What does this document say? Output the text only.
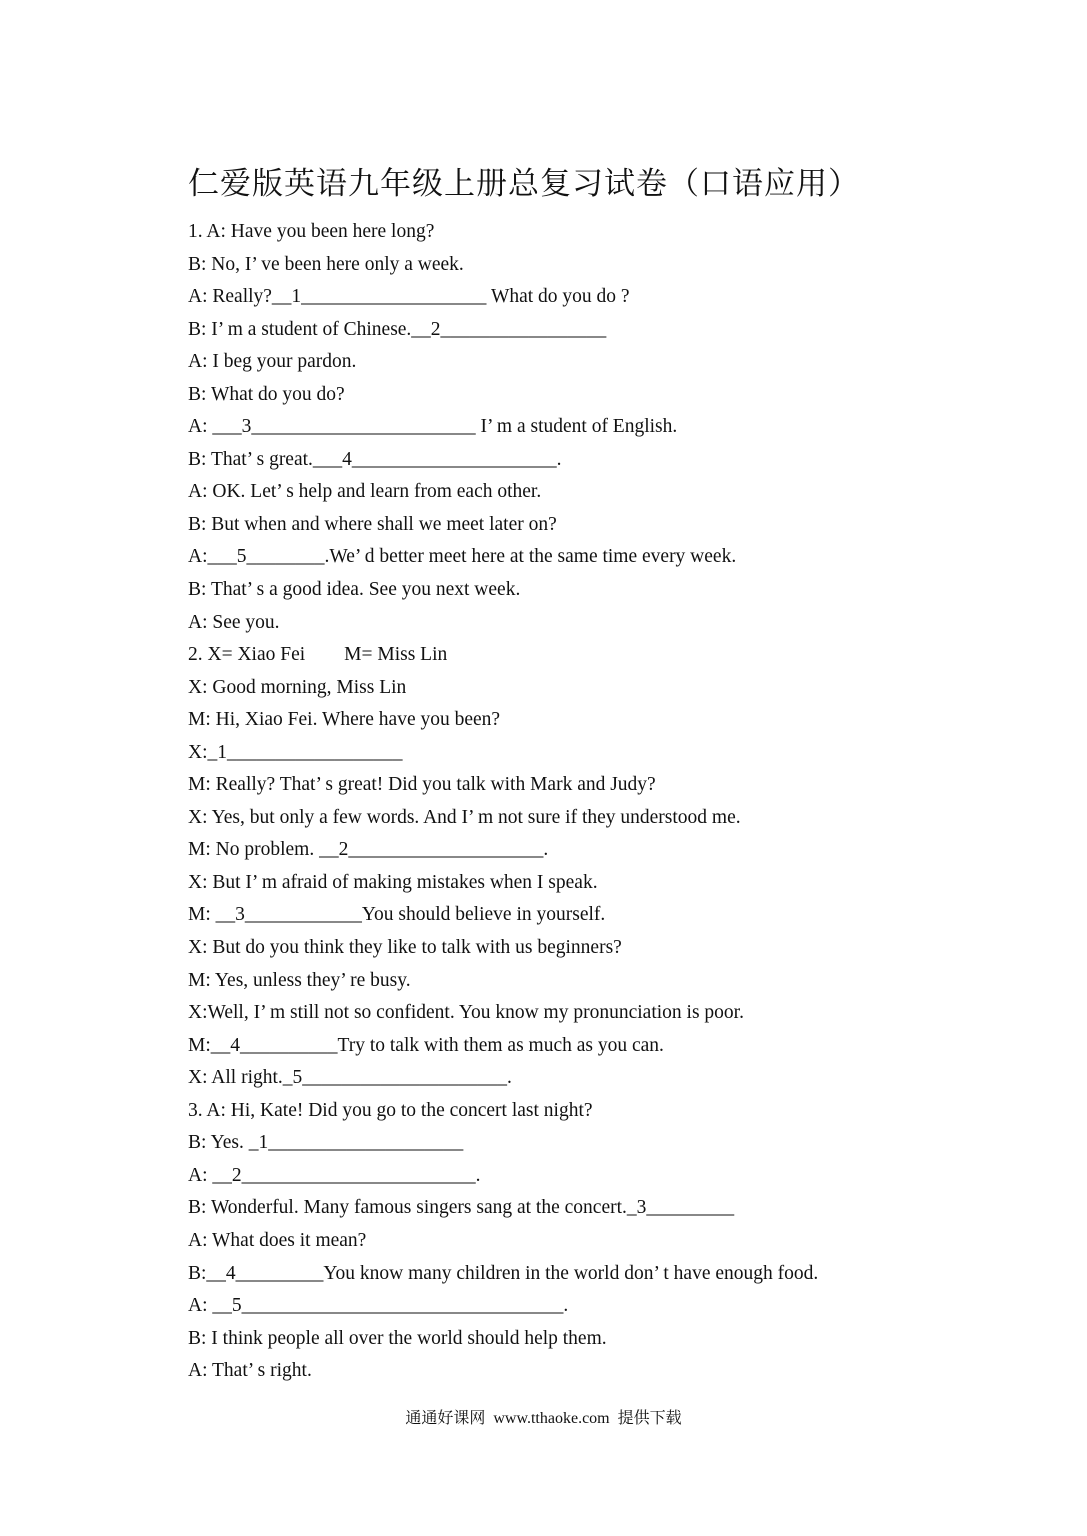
仁爱版英语九年级上册总复习试卷（口语应用）
1. A: Have you been here long?
B: No, I’ ve been here only a week.
A: Really?__1___________________ What do you do ?
B: I’ m a student of Chinese.__2_________________
A: I beg your pardon.
B: What do you do?
A: ___3_______________________ I’ m a student of English.
B: That’ s great.___4_____________________.
A: OK. Let’ s help and learn from each other.
B: But when and where shall we meet later on?
A:___5________.We’ d better meet here at the same time every week.
B: That’ s a good idea. See you next week.
A: See you.
2. X= Xiao Fei        M= Miss Lin
X: Good morning, Miss Lin
M: Hi, Xiao Fei. Where have you been?
X:_1__________________
M: Really? That’ s great! Did you talk with Mark and Judy?
X: Yes, but only a few words. And I’ m not sure if they understood me.
M: No problem. __2____________________.
X: But I’ m afraid of making mistakes when I speak.
M: __3____________You should believe in yourself.
X: But do you think they like to talk with us beginners?
M: Yes, unless they’ re busy.
X:Well, I’ m still not so confident. You know my pronunciation is poor.
M:__4__________Try to talk with them as much as you can.
X: All right._5_____________________.
3. A: Hi, Kate! Did you go to the concert last night?
B: Yes. _1____________________
A: __2________________________.
B: Wonderful. Many famous singers sang at the concert._3_________
A: What does it mean?
B:__4_________You know many children in the world don’ t have enough food.
A: __5_________________________________.
B: I think people all over the world should help them.
A: That’ s right.
通通好课网  www.tthaoke.com  提供下载
